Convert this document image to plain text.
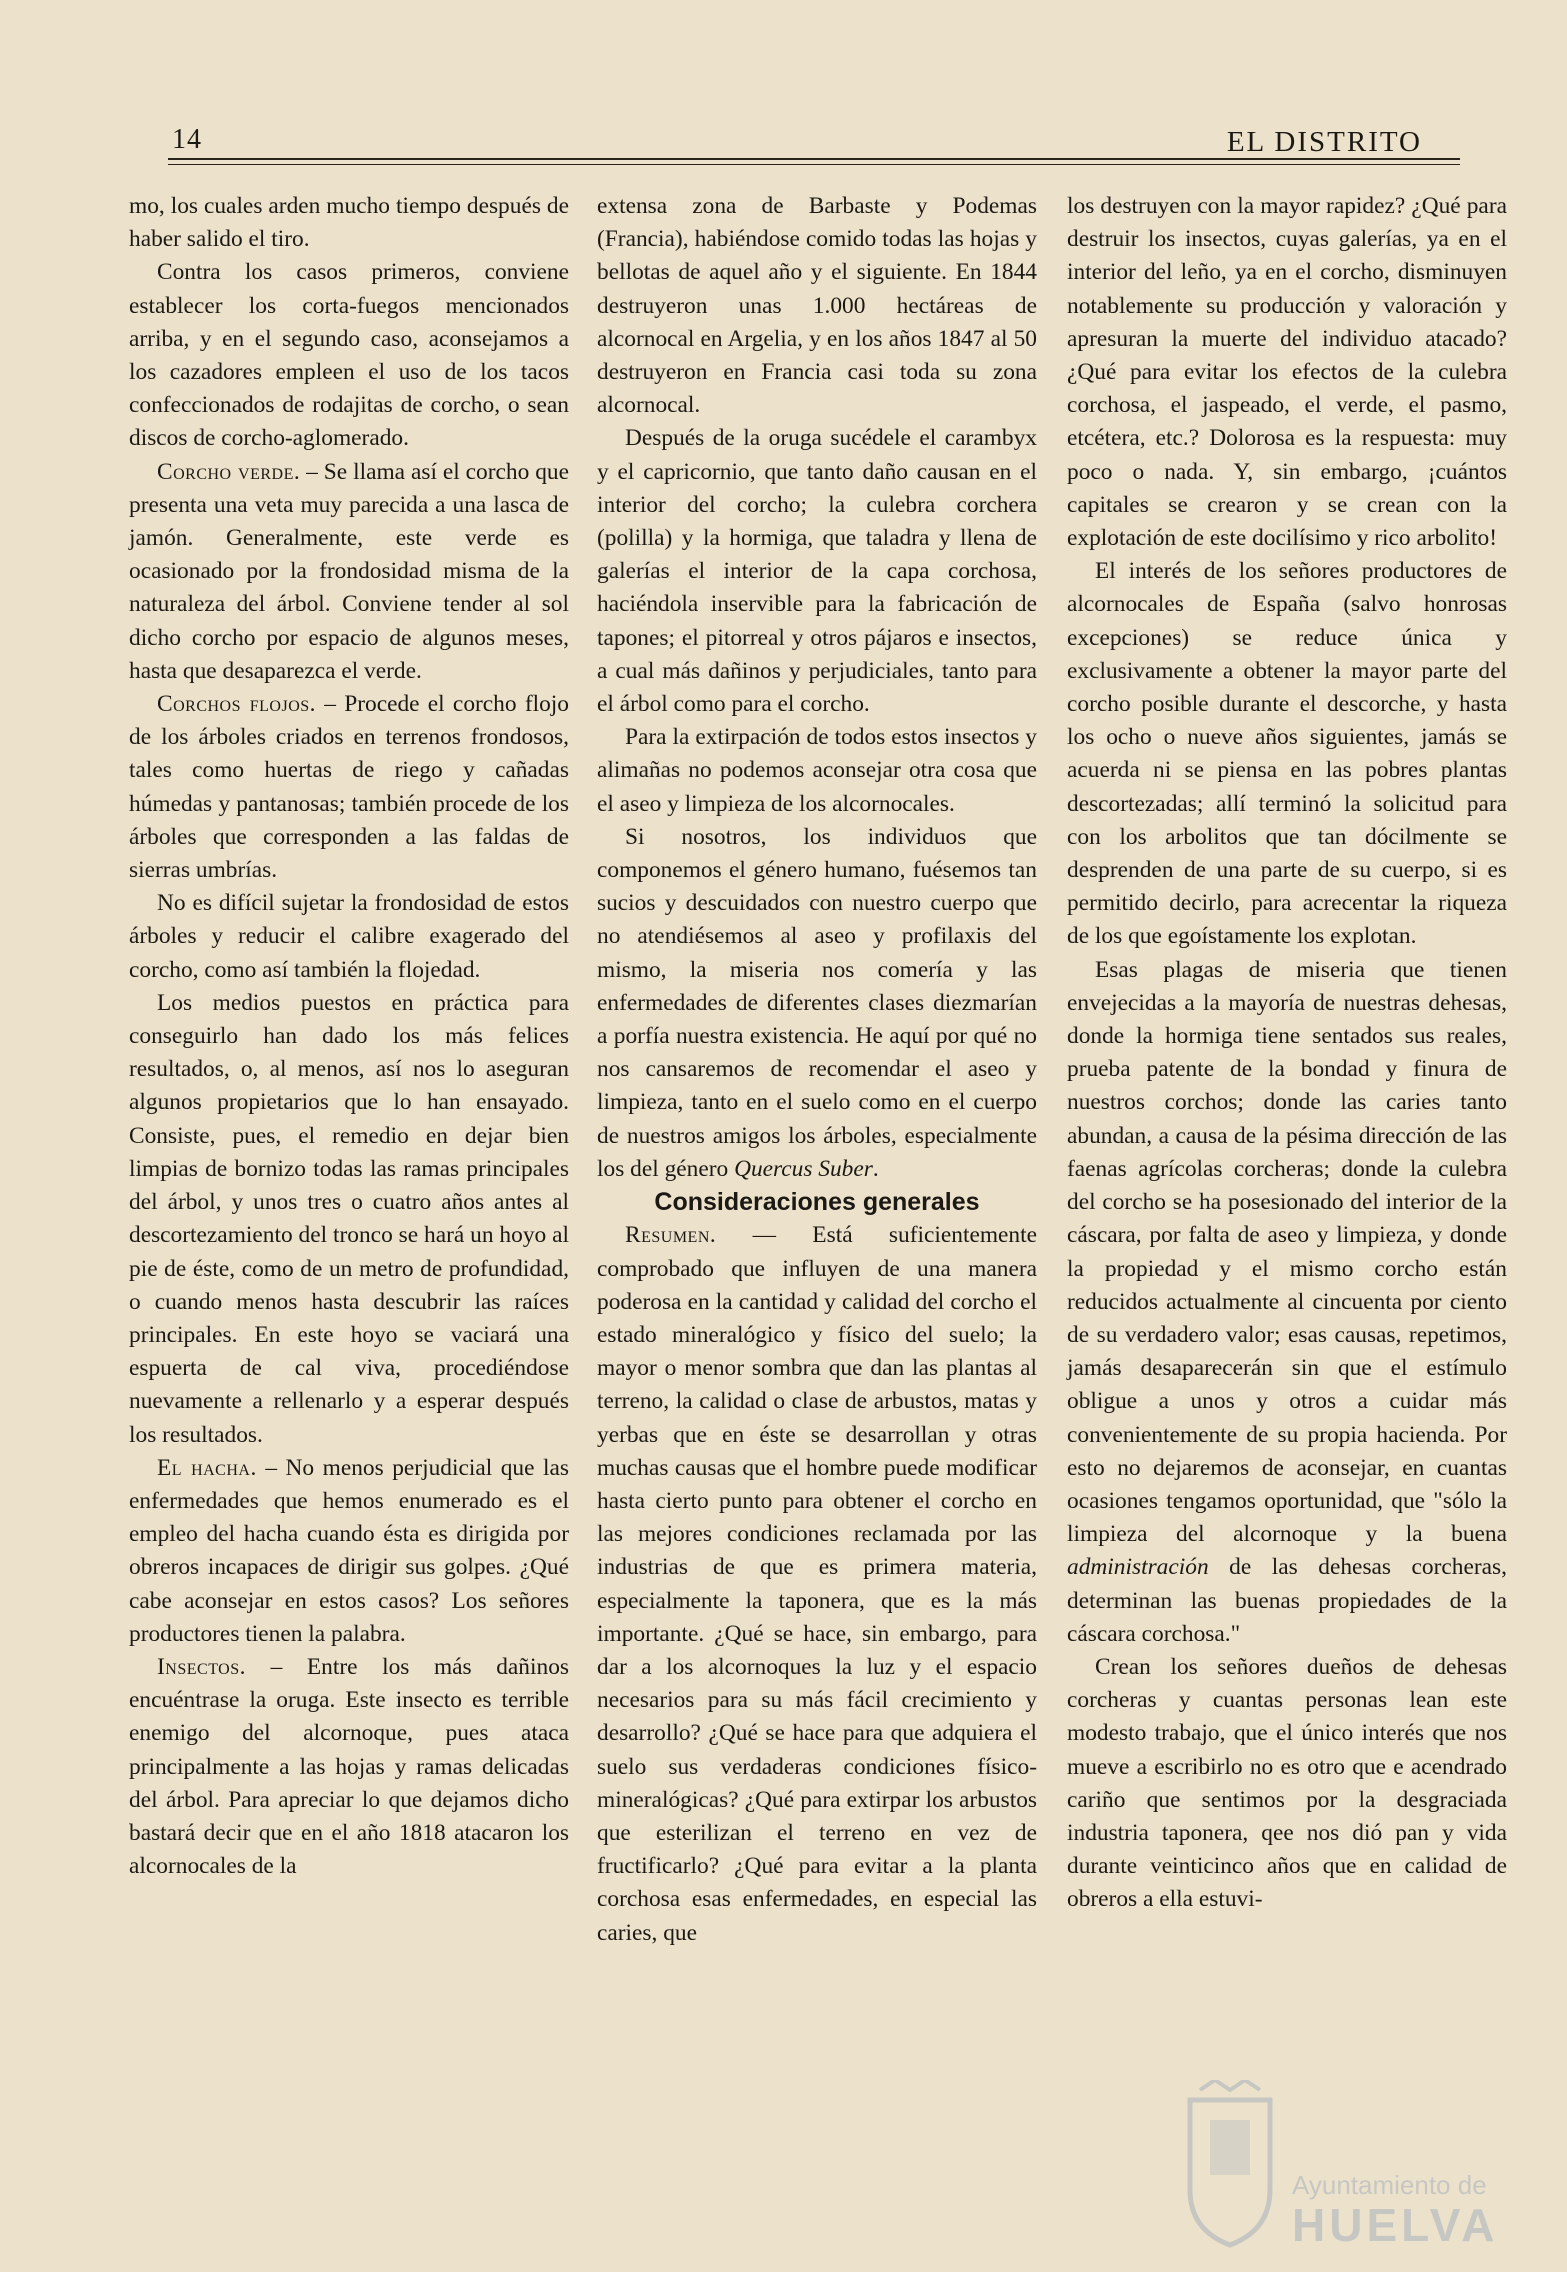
14	EL DISTRITO

mo, los cuales arden mucho tiempo después de haber salido el tiro.

Contra los casos primeros, conviene establecer los corta-fuegos mencionados arriba, y en el segundo caso, aconsejamos a los cazadores empleen el uso de los tacos confeccionados de rodajitas de corcho, o sean discos de corcho-aglomerado.

Corcho verde. – Se llama así el corcho que presenta una veta muy parecida a una lasca de jamón. Generalmente, este verde es ocasionado por la frondosidad misma de la naturaleza del árbol. Conviene tender al sol dicho corcho por espacio de algunos meses, hasta que desaparezca el verde.

Corchos flojos. – Procede el corcho flojo de los árboles criados en terrenos frondosos, tales como huertas de riego y cañadas húmedas y pantanosas; también procede de los árboles que corresponden a las faldas de sierras umbrías.

No es difícil sujetar la frondosidad de estos árboles y reducir el calibre exagerado del corcho, como así también la flojedad.

Los medios puestos en práctica para conseguirlo han dado los más felices resultados, o, al menos, así nos lo aseguran algunos propietarios que lo han ensayado. Consiste, pues, el remedio en dejar bien limpias de bornizo todas las ramas principales del árbol, y unos tres o cuatro años antes al descortezamiento del tronco se hará un hoyo al pie de éste, como de un metro de profundidad, o cuando menos hasta descubrir las raíces principales. En este hoyo se vaciará una espuerta de cal viva, procediéndose nuevamente a rellenarlo y a esperar después los resultados.

El hacha. – No menos perjudicial que las enfermedades que hemos enumerado es el empleo del hacha cuando ésta es dirigida por obreros incapaces de dirigir sus golpes. ¿Qué cabe aconsejar en estos casos? Los señores productores tienen la palabra.

Insectos. – Entre los más dañinos encuéntrase la oruga. Este insecto es terrible enemigo del alcornoque, pues ataca principalmente a las hojas y ramas delicadas del árbol. Para apreciar lo que dejamos dicho bastará decir que en el año 1818 atacaron los alcornocales de la

extensa zona de Barbaste y Podemas (Francia), habiéndose comido todas las hojas y bellotas de aquel año y el siguiente. En 1844 destruyeron unas 1.000 hectáreas de alcornocal en Argelia, y en los años 1847 al 50 destruyeron en Francia casi toda su zona alcornocal.

Después de la oruga sucédele el carambyx y el capricornio, que tanto daño causan en el interior del corcho; la culebra corchera (polilla) y la hormiga, que taladra y llena de galerías el interior de la capa corchosa, haciéndola inservible para la fabricación de tapones; el pitorreal y otros pájaros e insectos, a cual más dañinos y perjudiciales, tanto para el árbol como para el corcho.

Para la extirpación de todos estos insectos y alimañas no podemos aconsejar otra cosa que el aseo y limpieza de los alcornocales.

Si nosotros, los individuos que componemos el género humano, fuésemos tan sucios y descuidados con nuestro cuerpo que no atendiésemos al aseo y profilaxis del mismo, la miseria nos comería y las enfermedades de diferentes clases diezmarían a porfía nuestra existencia. He aquí por qué no nos cansaremos de recomendar el aseo y limpieza, tanto en el suelo como en el cuerpo de nuestros amigos los árboles, especialmente los del género Quercus Suber.

Consideraciones generales

Resumen. — Está suficientemente comprobado que influyen de una manera poderosa en la cantidad y calidad del corcho el estado mineralógico y físico del suelo; la mayor o menor sombra que dan las plantas al terreno, la calidad o clase de arbustos, matas y yerbas que en éste se desarrollan y otras muchas causas que el hombre puede modificar hasta cierto punto para obtener el corcho en las mejores condiciones reclamada por las industrias de que es primera materia, especialmente la taponera, que es la más importante. ¿Qué se hace, sin embargo, para dar a los alcornoques la luz y el espacio necesarios para su más fácil crecimiento y desarrollo? ¿Qué se hace para que adquiera el suelo sus verdaderas condiciones físico-mineralógicas? ¿Qué para extirpar los arbustos que esterilizan el terreno en vez de fructificarlo? ¿Qué para evitar a la planta corchosa esas enfermedades, en especial las caries, que

los destruyen con la mayor rapidez? ¿Qué para destruir los insectos, cuyas galerías, ya en el interior del leño, ya en el corcho, disminuyen notablemente su producción y valoración y apresuran la muerte del individuo atacado? ¿Qué para evitar los efectos de la culebra corchosa, el jaspeado, el verde, el pasmo, etcétera, etc.? Dolorosa es la respuesta: muy poco o nada. Y, sin embargo, ¡cuántos capitales se crearon y se crean con la explotación de este docilísimo y rico arbolito!

El interés de los señores productores de alcornocales de España (salvo honrosas excepciones) se reduce única y exclusivamente a obtener la mayor parte del corcho posible durante el descorche, y hasta los ocho o nueve años siguientes, jamás se acuerda ni se piensa en las pobres plantas descortezadas; allí terminó la solicitud para con los arbolitos que tan dócilmente se desprenden de una parte de su cuerpo, si es permitido decirlo, para acrecentar la riqueza de los que egoístamente los explotan.

Esas plagas de miseria que tienen envejecidas a la mayoría de nuestras dehesas, donde la hormiga tiene sentados sus reales, prueba patente de la bondad y finura de nuestros corchos; donde las caries tanto abundan, a causa de la pésima dirección de las faenas agrícolas corcheras; donde la culebra del corcho se ha posesionado del interior de la cáscara, por falta de aseo y limpieza, y donde la propiedad y el mismo corcho están reducidos actualmente al cincuenta por ciento de su verdadero valor; esas causas, repetimos, jamás desaparecerán sin que el estímulo obligue a unos y otros a cuidar más convenientemente de su propia hacienda. Por esto no dejaremos de aconsejar, en cuantas ocasiones tengamos oportunidad, que "sólo la limpieza del alcornoque y la buena administración de las dehesas corcheras, determinan las buenas propiedades de la cáscara corchosa."

Crean los señores dueños de dehesas corcheras y cuantas personas lean este modesto trabajo, que el único interés que nos mueve a escribirlo no es otro que e acendrado cariño que sentimos por la desgraciada industria taponera, qee nos dió pan y vida durante veinticinco años que en calidad de obreros a ella estuvi-

Ayuntamiento de
HUELVA
